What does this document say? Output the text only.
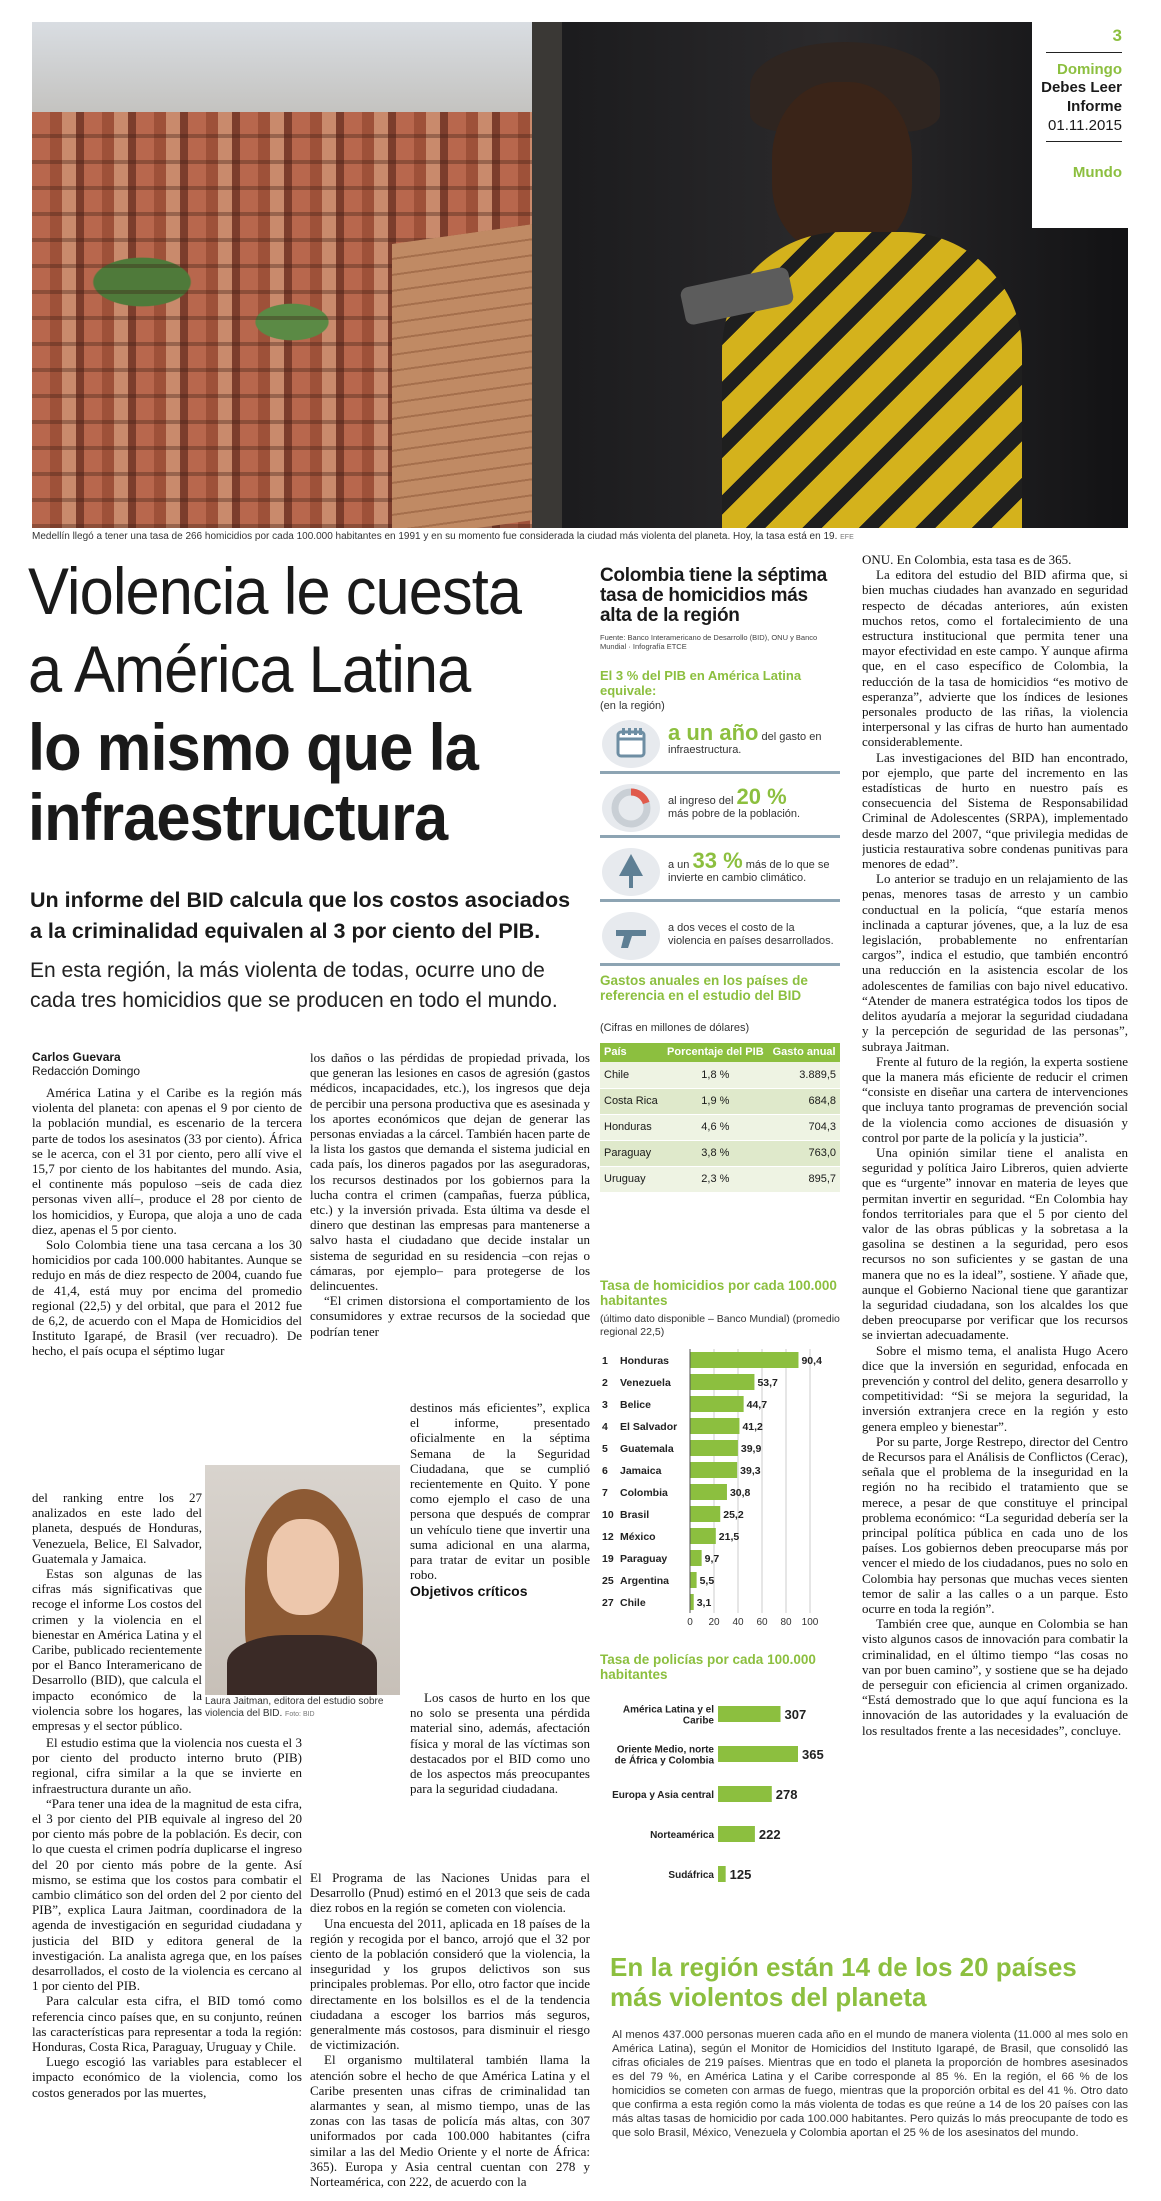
3
Domingo
Debes Leer Informe
01.11.2015
Mundo
Medellín llegó a tener una tasa de 266 homicidios por cada 100.000 habitantes en 1991 y en su momento fue considerada la ciudad más violenta del planeta. Hoy, la tasa está en 19. EFE
Violencia le cuesta
a América Latina
lo mismo que la
infraestructura
Un informe del BID calcula que los costos asociados a la criminalidad equivalen al 3 por ciento del PIB.
En esta región, la más violenta de todas, ocurre uno de cada tres homicidios que se producen en todo el mundo.
Carlos Guevara
Redacción Domingo

América Latina y el Caribe es la región más violenta del planeta: con apenas el 9 por ciento de la población mundial, es escenario de la tercera parte de todos los asesinatos (33 por ciento). África se le acerca, con el 31 por ciento, pero allí vive el 15,7 por ciento de los habitantes del mundo. Asia, el continente más populoso –seis de cada diez personas viven allí–, produce el 28 por ciento de los homicidios, y Europa, que aloja a uno de cada diez, apenas el 5 por ciento.

Solo Colombia tiene una tasa cercana a los 30 homicidios por cada 100.000 habitantes. Aunque se redujo en más de diez respecto de 2004, cuando fue de 41,4, está muy por encima del promedio regional (22,5) y del orbital, que para el 2012 fue de 6,2, de acuerdo con el Mapa de Homicidios del Instituto Igarapé, de Brasil (ver recuadro). De hecho, el país ocupa el séptimo lugar

del ranking entre los 27 analizados en este lado del planeta, después de Honduras, Venezuela, Belice, El Salvador, Guatemala y Jamaica.

Estas son algunas de las cifras más significativas que recoge el informe Los costos del crimen y la violencia en el bienestar en América Latina y el Caribe, publicado recientemente por el Banco Interamericano de Desarrollo (BID), que calcula el impacto económico de la violencia sobre los hogares, las empresas y el sector público.

El estudio estima que la violencia nos cuesta el 3 por ciento del producto interno bruto (PIB) regional, cifra similar a la que se invierte en infraestructura durante un año.

“Para tener una idea de la magnitud de esta cifra, el 3 por ciento del PIB equivale al ingreso del 20 por ciento más pobre de la población. Es decir, con lo que cuesta el crimen podría duplicarse el ingreso del 20 por ciento más pobre de la gente. Así mismo, se estima que los costos para combatir el cambio climático son del orden del 2 por ciento del PIB”, explica Laura Jaitman, coordinadora de la agenda de investigación en seguridad ciudadana y justicia del BID y editora general de la investigación. La analista agrega que, en los países desarrollados, el costo de la violencia es cercano al 1 por ciento del PIB.

Para calcular esta cifra, el BID tomó como referencia cinco países que, en su conjunto, reúnen las características para representar a toda la región: Honduras, Costa Rica, Paraguay, Uruguay y Chile.

Luego escogió las variables para establecer el impacto económico de la violencia, como los costos generados por las muertes,

los daños o las pérdidas de propiedad privada, los que generan las lesiones en casos de agresión (gastos médicos, incapacidades, etc.), los ingresos que deja de percibir una persona productiva que es asesinada y los aportes económicos que dejan de generar las personas enviadas a la cárcel. También hacen parte de la lista los gastos que demanda el sistema judicial en cada país, los dineros pagados por las aseguradoras, los recursos destinados por los gobiernos para la lucha contra el crimen (campañas, fuerza pública, etc.) y la inversión privada. Esta última va desde el dinero que destinan las empresas para mantenerse a salvo hasta el ciudadano que decide instalar un sistema de seguridad en su residencia –con rejas o cámaras, por ejemplo– para protegerse de los delincuentes.

“El crimen distorsiona el comportamiento de los consumidores y extrae recursos de la sociedad que podrían tener

destinos más eficientes”, explica el informe, presentado oficialmente en la séptima Semana de la Seguridad Ciudadana, que se cumplió recientemente en Quito. Y pone como ejemplo el caso de una persona que después de comprar un vehículo tiene que invertir una suma adicional en una alarma, para tratar de evitar un posible robo.

Objetivos críticos

Los casos de hurto en los que no solo se presenta una pérdida material sino, además, afectación física y moral de las víctimas son destacados por el BID como uno de los aspectos más preocupantes para la seguridad ciudadana.

El Programa de las Naciones Unidas para el Desarrollo (Pnud) estimó en el 2013 que seis de cada diez robos en la región se cometen con violencia.

Una encuesta del 2011, aplicada en 18 países de la región y recogida por el banco, arrojó que el 32 por ciento de la población consideró que la violencia, la inseguridad y los grupos delictivos son sus principales problemas. Por ello, otro factor que incide directamente en los bolsillos es el de la tendencia ciudadana a escoger los barrios más seguros, generalmente más costosos, para disminuir el riesgo de victimización.

El organismo multilateral también llama la atención sobre el hecho de que América Latina y el Caribe presenten unas cifras de criminalidad tan alarmantes y sean, al mismo tiempo, unas de las zonas con las tasas de policía más altas, con 307 uniformados por cada 100.000 habitantes (cifra similar a las del Medio Oriente y el norte de África: 365). Europa y Asia central cuentan con 278 y Norteamérica, con 222, de acuerdo con la

Laura Jaitman, editora del estudio sobre violencia del BID. Foto: BID
Colombia tiene la séptima tasa de homicidios más alta de la región
Fuente: Banco Interamericano de Desarrollo (BID), ONU y Banco Mundial · Infografía ETCE
El 3 % del PIB en América Latina equivale:
(en la región)
a un año del gasto en infraestructura.
al ingreso del 20 %
más pobre de la población.
a un 33 % más de lo que se invierte en cambio climático.
a dos veces el costo de la violencia en países desarrollados.
Gastos anuales en los países de referencia en el estudio del BID
(Cifras en millones de dólares)
País	Porcentaje del PIB	Gasto anual
Chile	1,8 %	3.889,5
Costa Rica	1,9 %	684,8
Honduras	4,6 %	704,3
Paraguay	3,8 %	763,0
Uruguay	2,3 %	895,7
Tasa de homicidios por cada 100.000 habitantes
(último dato disponible – Banco Mundial) (promedio regional 22,5)
0 20 40 60 80 100
1 Honduras	90,4
2 Venezuela	53,7
3 Belice	44,7
4 El Salvador	41,2
5 Guatemala	39,9
6 Jamaica	39,3
7 Colombia	30,8
10 Brasil	25,2
12 México	21,5
19 Paraguay	9,7
25 Argentina	5,5
27 Chile	3,1
Tasa de policías por cada 100.000 habitantes
América Latina y el Caribe	307
Oriente Medio, norte de África y Colombia	365
Europa y Asia central	278
Norteamérica	222
Sudáfrica 125

ONU. En Colombia, esta tasa es de 365.

La editora del estudio del BID afirma que, si bien muchas ciudades han avanzado en seguridad respecto de décadas anteriores, aún existen muchos retos, como el fortalecimiento de una estructura institucional que permita tener una mayor efectividad en este campo. Y aunque afirma que, en el caso específico de Colombia, la reducción de la tasa de homicidios “es motivo de esperanza”, advierte que los índices de lesiones personales producto de las riñas, la violencia interpersonal y las cifras de hurto han aumentado considerablemente.

Las investigaciones del BID han encontrado, por ejemplo, que parte del incremento en las estadísticas de hurto en nuestro país es consecuencia del Sistema de Responsabilidad Criminal de Adolescentes (SRPA), implementado desde marzo del 2007, “que privilegia medidas de justicia restaurativa sobre condenas punitivas para menores de edad”.

Lo anterior se tradujo en un relajamiento de las penas, menores tasas de arresto y un cambio conductual en la policía, “que estaría menos inclinada a capturar jóvenes, que, a la luz de esa legislación, probablemente no enfrentarían cargos”, indica el estudio, que también encontró una reducción en la asistencia escolar de los adolescentes de familias con bajo nivel educativo. “Atender de manera estratégica todos los tipos de delitos ayudaría a mejorar la seguridad ciudadana y la percepción de seguridad de las personas”, subraya Jaitman.

Frente al futuro de la región, la experta sostiene que la manera más eficiente de reducir el crimen “consiste en diseñar una cartera de intervenciones que incluya tanto programas de prevención social de la violencia como acciones de disuasión y control por parte de la policía y la justicia”.

Una opinión similar tiene el analista en seguridad y política Jairo Libreros, quien advierte que es “urgente” innovar en materia de leyes que permitan invertir en seguridad. “En Colombia hay fondos territoriales para que el 5 por ciento del valor de las obras públicas y la sobretasa a la gasolina se destinen a la seguridad, pero esos recursos no son suficientes y se gastan de una manera que no es la ideal”, sostiene. Y añade que, aunque el Gobierno Nacional tiene que garantizar la seguridad ciudadana, son los alcaldes los que deben preocuparse por verificar que los recursos se inviertan adecuadamente.

Sobre el mismo tema, el analista Hugo Acero dice que la inversión en seguridad, enfocada en prevención y control del delito, genera desarrollo y competitividad: “Si se mejora la seguridad, la inversión extranjera crece en la región y esto genera empleo y bienestar”.

Por su parte, Jorge Restrepo, director del Centro de Recursos para el Análisis de Conflictos (Cerac), señala que el problema de la inseguridad en la región no ha recibido el tratamiento que se merece, a pesar de que constituye el principal problema económico: “La seguridad debería ser la principal política pública en cada uno de los países. Los gobiernos deben preocuparse más por vencer el miedo de los ciudadanos, pues no solo en Colombia hay personas que muchas veces sienten temor de salir a las calles o a un parque. Esto ocurre en toda la región”.

También cree que, aunque en Colombia se han visto algunos casos de innovación para combatir la criminalidad, en el último tiempo “las cosas no van por buen camino”, y sostiene que se ha dejado de perseguir con eficiencia al crimen organizado. “Está demostrado que lo que aquí funciona es la innovación de las autoridades y la evaluación de los resultados frente a las necesidades”, concluye.

En la región están 14 de los 20 países más violentos del planeta
Al menos 437.000 personas mueren cada año en el mundo de manera violenta (11.000 al mes solo en América Latina), según el Monitor de Homicidios del Instituto Igarapé, de Brasil, que consolidó las cifras oficiales de 219 países. Mientras que en todo el planeta la proporción de hombres asesinados es del 79 %, en América Latina y el Caribe corresponde al 85 %. En la región, el 66 % de los homicidios se cometen con armas de fuego, mientras que la proporción orbital es del 41 %. Otro dato que confirma a esta región como la más violenta de todas es que reúne a 14 de los 20 países con las más altas tasas de homicidio por cada 100.000 habitantes. Pero quizás lo más preocupante de todo es que solo Brasil, México, Venezuela y Colombia aportan el 25 % de los asesinatos del mundo.
